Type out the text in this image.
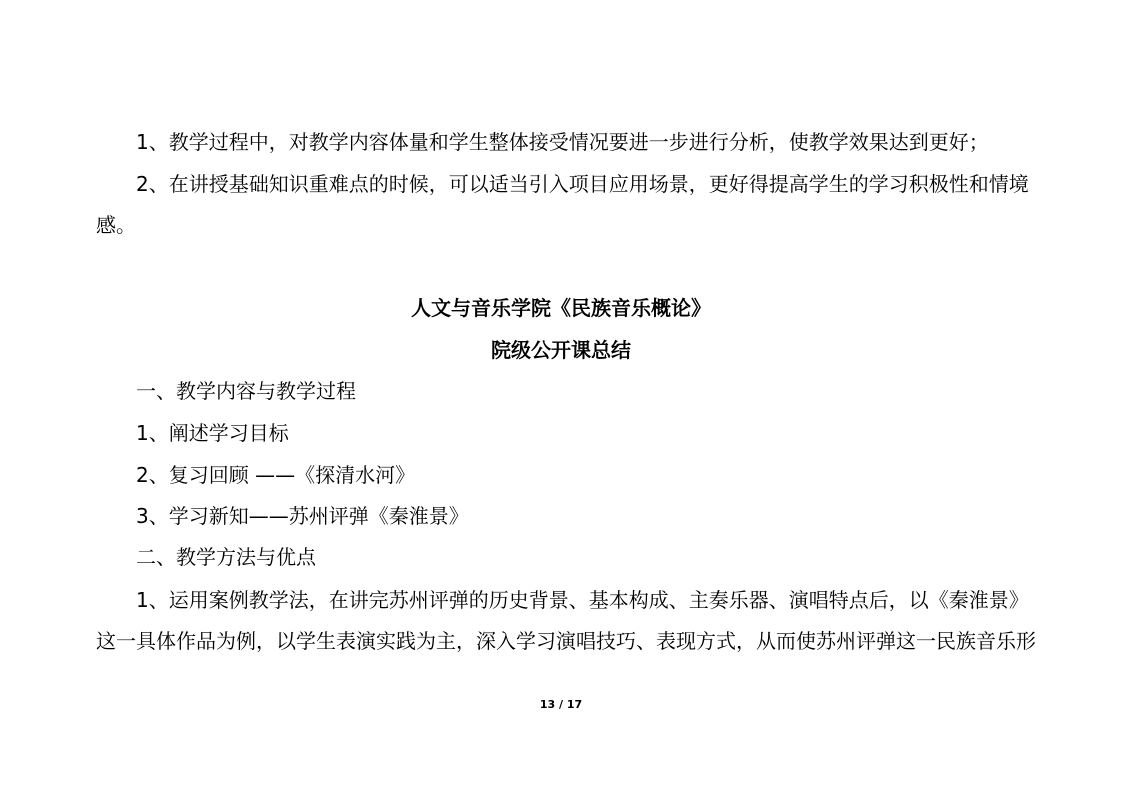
1、教学过程中，对教学内容体量和学生整体接受情况要进一步进行分析，使教学效果达到更好；
2、在讲授基础知识重难点的时候，可以适当引入项目应用场景，更好得提高学生的学习积极性和情境
感。
人文与音乐学院《民族音乐概论》
院级公开课总结
一、教学内容与教学过程
1、阐述学习目标
2、复习回顾 ——《探清水河》
3、学习新知——苏州评弹《秦淮景》
二、教学方法与优点
1、运用案例教学法，在讲完苏州评弹的历史背景、基本构成、主奏乐器、演唱特点后，以《秦淮景》
这一具体作品为例，以学生表演实践为主，深入学习演唱技巧、表现方式，从而使苏州评弹这一民族音乐形
13 / 17
